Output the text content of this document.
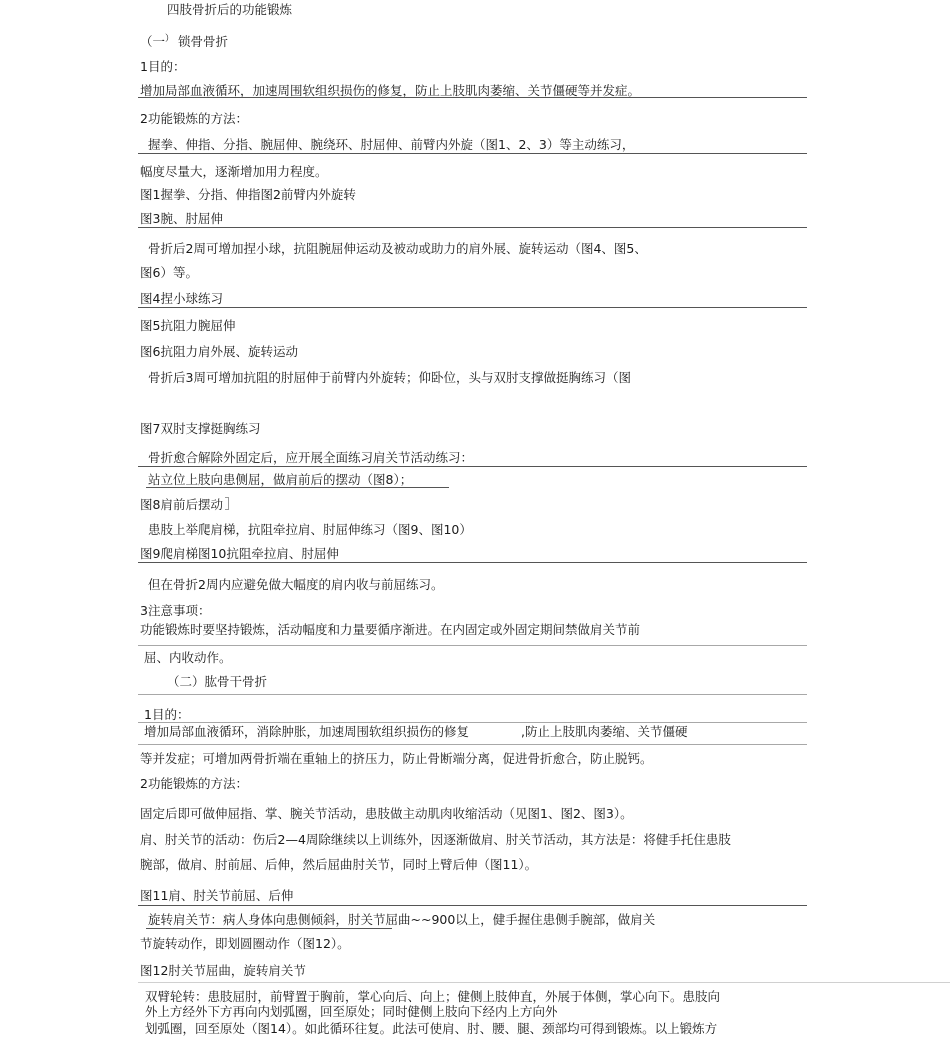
四肢骨折后的功能锻炼
（一） 锁骨骨折
1目的：
增加局部血液循环，加速周围软组织损伤的修复，防止上肢肌肉萎缩、关节僵硬等并发症。
2功能锻炼的方法：
握拳、伸指、分指、腕屈伸、腕绕环、肘屈伸、前臂内外旋（图1、2、3）等主动练习，
幅度尽量大，逐渐增加用力程度。
图1握拳、分指、伸指图2前臂内外旋转
图3腕、肘屈伸
骨折后2周可增加捏小球，抗阻腕屈伸运动及被动或助力的肩外展、旋转运动（图4、图5、
图6）等。
图4捏小球练习
图5抗阻力腕屈伸
图6抗阻力肩外展、旋转运动
骨折后3周可增加抗阻的肘屈伸于前臂内外旋转；仰卧位，头与双肘支撑做挺胸练习（图
图7双肘支撑挺胸练习
骨折愈合解除外固定后，应开展全面练习肩关节活动练习：
站立位上肢向患侧屈，做肩前后的摆动（图8）；
图8肩前后摆动
患肢上举爬肩梯，抗阻牵拉肩、肘屈伸练习（图9、图10）
图9爬肩梯图10抗阻牵拉肩、肘屈伸
但在骨折2周内应避免做大幅度的肩内收与前屈练习。
3注意事项：
功能锻炼时要坚持锻炼，活动幅度和力量要循序渐进。在内固定或外固定期间禁做肩关节前
屈、内收动作。
（二）肱骨干骨折
1目的：
增加局部血液循环，消除肿胀，加速周围软组织损伤的修复	,防止上肢肌肉萎缩、关节僵硬
等并发症；可增加两骨折端在重轴上的挤压力，防止骨断端分离，促进骨折愈合，防止脱钙。
2功能锻炼的方法：
固定后即可做伸屈指、掌、腕关节活动，患肢做主动肌肉收缩活动（见图1、图2、图3）。
肩、肘关节的活动：伤后2—4周除继续以上训练外，因逐渐做肩、肘关节活动，其方法是：将健手托住患肢
腕部，做肩、肘前屈、后伸，然后屈曲肘关节，同时上臂后伸（图11）。
图11肩、肘关节前屈、后伸
旋转肩关节：病人身体向患侧倾斜，肘关节屈曲~~900以上，健手握住患侧手腕部，做肩关
节旋转动作，即划圆圈动作（图12）。
图12肘关节屈曲，旋转肩关节
双臂轮转：患肢屈肘，前臂置于胸前，掌心向后、向上；健侧上肢伸直，外展于体侧，掌心向下。患肢向
外上方经外下方再向内划弧圈，回至原处；同时健侧上肢向下经内上方向外
划弧圈，回至原处（图14）。如此循环往复。此法可使肩、肘、腰、腿、颈部均可得到锻炼。以上锻炼方
